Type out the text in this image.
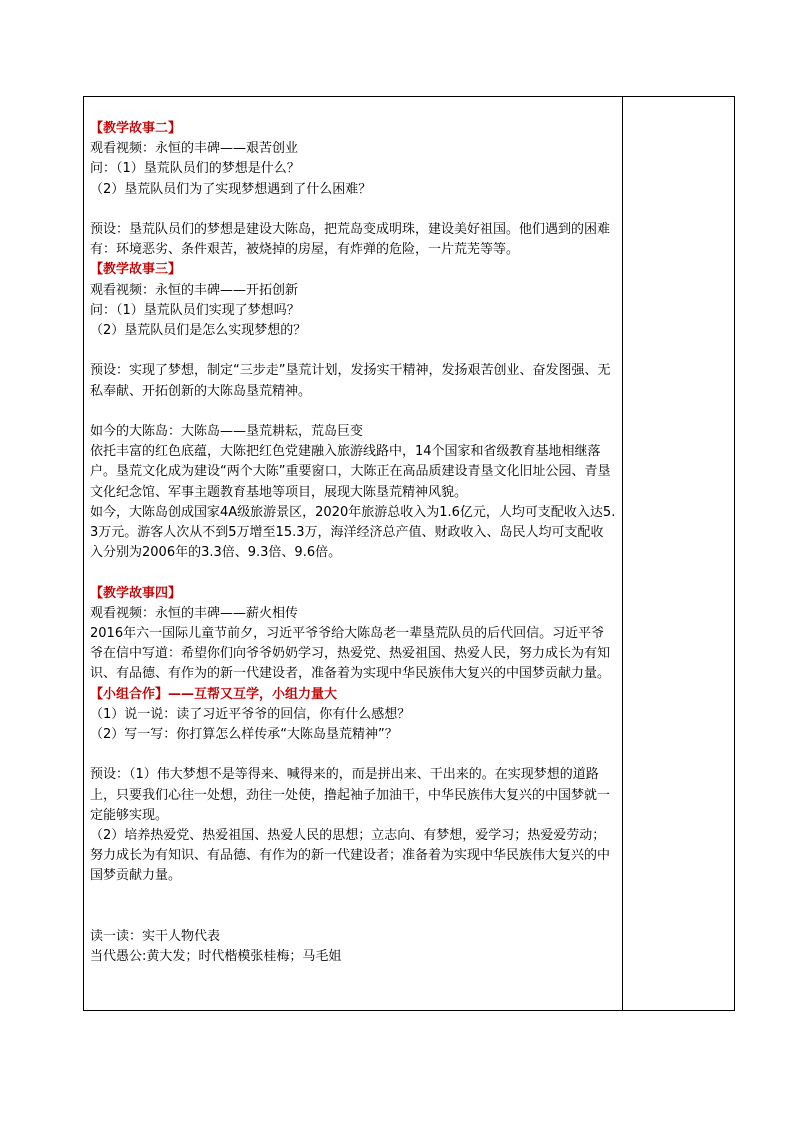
【教学故事二】

观看视频：永恒的丰碑——艰苦创业

问：（1）垦荒队员们的梦想是什么？

（2）垦荒队员们为了实现梦想遇到了什么困难？

预设：垦荒队员们的梦想是建设大陈岛，把荒岛变成明珠，建设美好祖国。他们遇到的困难有：环境恶劣、条件艰苦，被烧掉的房屋，有炸弹的危险，一片荒芜等等。

【教学故事三】

观看视频：永恒的丰碑——开拓创新

问：（1）垦荒队员们实现了梦想吗？

（2）垦荒队员们是怎么实现梦想的？

预设：实现了梦想，制定“三步走”垦荒计划，发扬实干精神，发扬艰苦创业、奋发图强、无私奉献、开拓创新的大陈岛垦荒精神。

如今的大陈岛：大陈岛——垦荒耕耘，荒岛巨变

依托丰富的红色底蕴，大陈把红色党建融入旅游线路中，14个国家和省级教育基地相继落户。垦荒文化成为建设“两个大陈”重要窗口，大陈正在高品质建设青垦文化旧址公园、青垦文化纪念馆、军事主题教育基地等项目，展现大陈垦荒精神风貌。

如今，大陈岛创成国家4A级旅游景区，2020年旅游总收入为1.6亿元，人均可支配收入达5.3万元。游客人次从不到5万增至15.3万，海洋经济总产值、财政收入、岛民人均可支配收入分别为2006年的3.3倍、9.3倍、9.6倍。

【教学故事四】

观看视频：永恒的丰碑——薪火相传

2016年六一国际儿童节前夕，习近平爷爷给大陈岛老一辈垦荒队员的后代回信。习近平爷爷在信中写道：希望你们向爷爷奶奶学习，热爱党、热爱祖国、热爱人民，努力成长为有知识、有品德、有作为的新一代建设者，准备着为实现中华民族伟大复兴的中国梦贡献力量。

【小组合作】——互帮又互学，小组力量大

（1）说一说：读了习近平爷爷的回信，你有什么感想？

（2）写一写：你打算怎么样传承“大陈岛垦荒精神”？

预设：（1）伟大梦想不是等得来、喊得来的，而是拼出来、干出来的。在实现梦想的道路上，只要我们心往一处想，劲往一处使，撸起袖子加油干，中华民族伟大复兴的中国梦就一定能够实现。

（2）培养热爱党、热爱祖国、热爱人民的思想；立志向、有梦想，爱学习；热爱爱劳动；努力成长为有知识、有品德、有作为的新一代建设者；准备着为实现中华民族伟大复兴的中国梦贡献力量。

读一读：实干人物代表

当代愚公:黄大发；时代楷模张桂梅；马毛姐
